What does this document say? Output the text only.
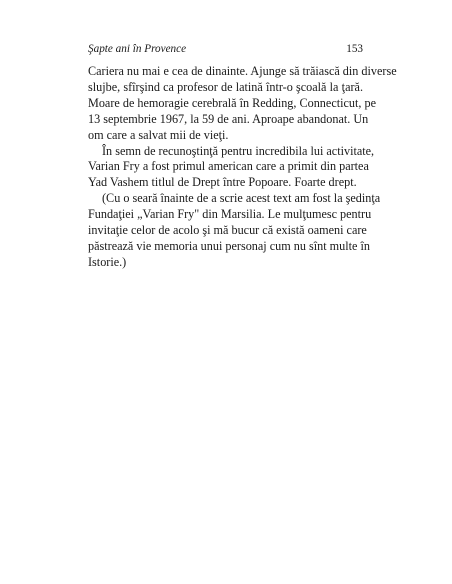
Şapte ani în Provence	153
Cariera nu mai e cea de dinainte. Ajunge să trăiască din diverse
slujbe, sfîrşind ca profesor de latină într-o şcoală la ţară.
Moare de hemoragie cerebrală în Redding, Connecticut, pe
13 septembrie 1967, la 59 de ani. Aproape abandonat. Un
om care a salvat mii de vieţi.
În semn de recunoştinţă pentru incredibila lui activitate,
Varian Fry a fost primul american care a primit din partea
Yad Vashem titlul de Drept între Popoare. Foarte drept.
(Cu o seară înainte de a scrie acest text am fost la şedinţa
Fundaţiei „Varian Fry" din Marsilia. Le mulţumesc pentru
invitaţie celor de acolo şi mă bucur că există oameni care
păstrează vie memoria unui personaj cum nu sînt multe în
Istorie.)
